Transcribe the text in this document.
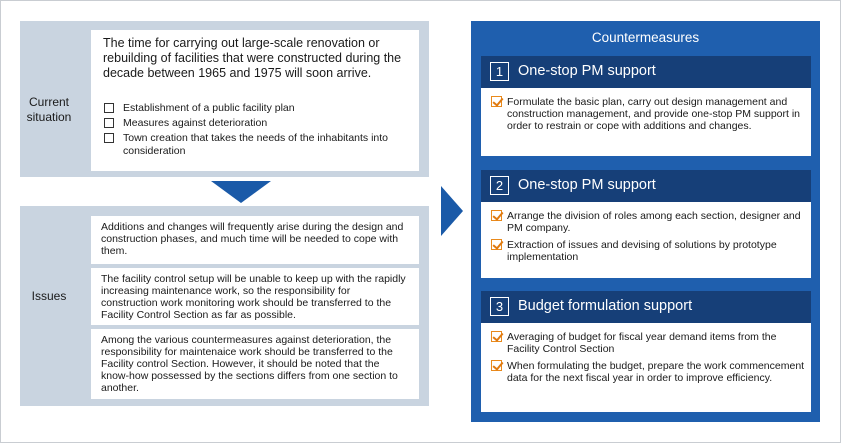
Current situation

The time for carrying out large-scale renovation or rebuilding of facilities that were constructed during the decade between 1965 and 1975 will soon arrive.

Establishment of a public facility plan
Measures against deterioration
Town creation that takes the needs of the inhabitants into consideration
Issues

Additions and changes will frequently arise during the design and construction phases, and much time will be needed to cope with them.

The facility control setup will be unable to keep up with the rapidly increasing maintenance work, so the responsibility for construction work monitoring work should be transferred to the Facility Control Section as far as possible.

Among the various countermeasures against deterioration, the responsibility for maintenaice work should be transferred to the Facility control Section. However, it should be noted that the know-how possessed by the sections differs from one section to another.

Countermeasures
1	One-stop PM support
Formulate the basic plan, carry out design management and construction management, and provide one-stop PM support in order to restrain or cope with additions and changes.
2	One-stop PM support
Arrange the division of roles among each section, designer and PM company.
Extraction of issues and devising of solutions by prototype implementation
3	Budget formulation support
Averaging of budget for fiscal year demand items from the Facility Control Section
When formulating the budget, prepare the work commencement data for the next fiscal year in order to improve efficiency.
